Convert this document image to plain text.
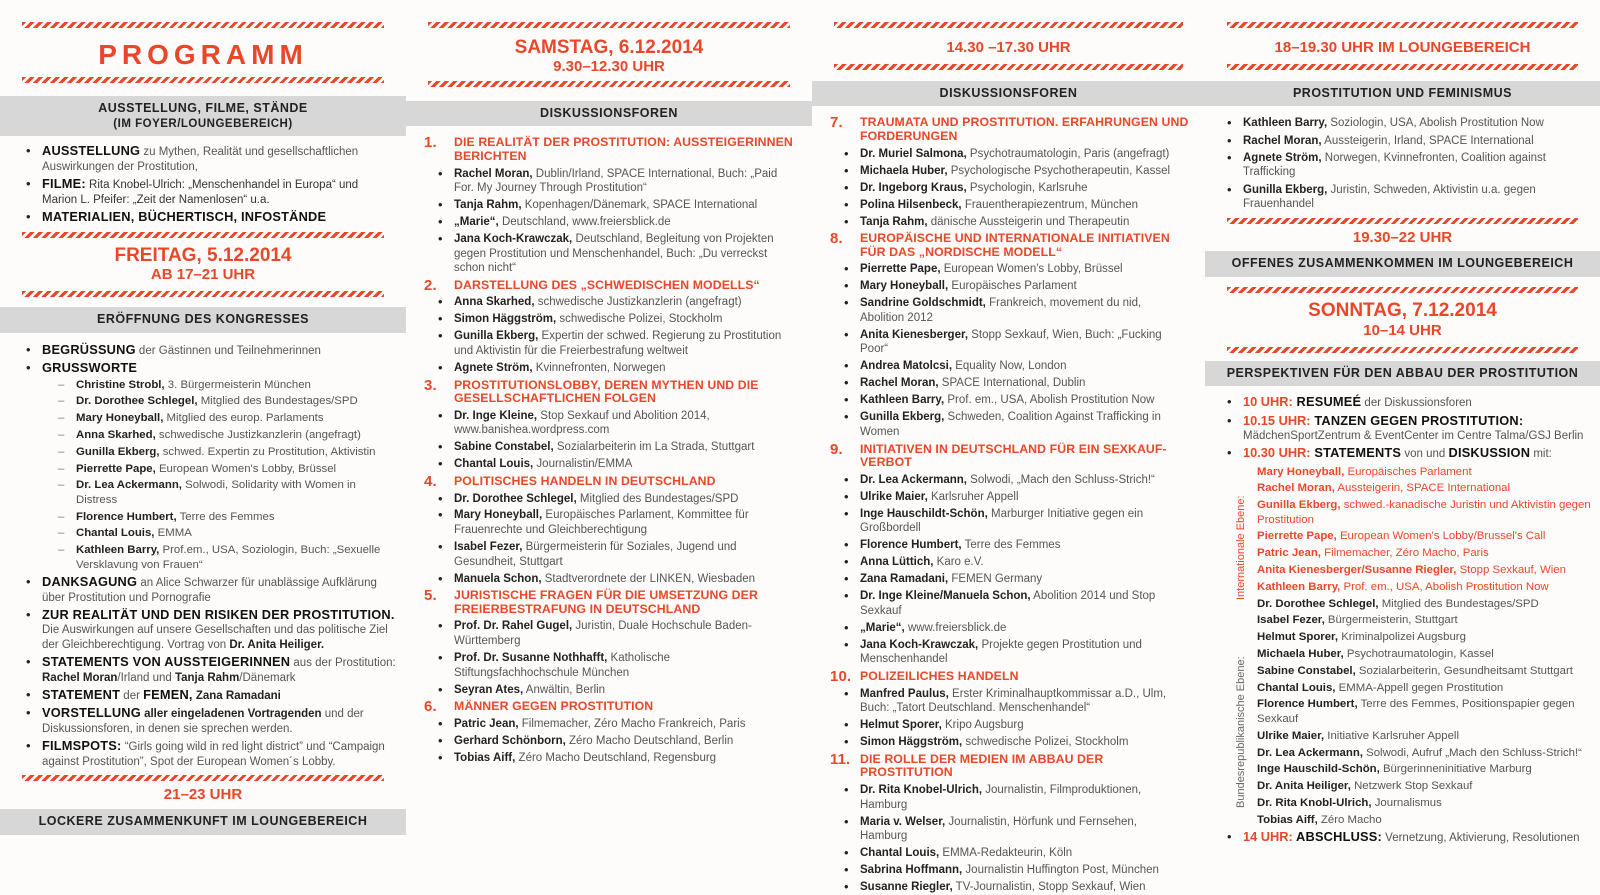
PROGRAMM
AUSSTELLUNG, FILME, STÄNDE
(IM FOYER/LOUNGEBEREICH)
• AUSSTELLUNG zu Mythen, Realität und gesellschaftlichen Auswirkungen der Prostitution,
• FILME: Rita Knobel-Ulrich: „Menschenhandel in Europa“ und Marion L. Pfeifer: „Zeit der Namenlosen“ u.a.
• MATERIALIEN, BÜCHERTISCH, INFOSTÄNDE
FREITAG, 5.12.2014
AB 17–21 UHR
ERÖFFNUNG DES KONGRESSES
• BEGRÜSSUNG der Gästinnen und Teilnehmerinnen
• GRUSSWORTE
– Christine Strobl, 3. Bürgermeisterin München
– Dr. Dorothee Schlegel, Mitglied des Bundestages/SPD
– Mary Honeyball, Mitglied des europ. Parlaments
– Anna Skarhed, schwedische Justizkanzlerin (angefragt)
– Gunilla Ekberg, schwed. Expertin zu Prostitution, Aktivistin
– Pierrette Pape, European Women's Lobby, Brüssel
– Dr. Lea Ackermann, Solwodi, Solidarity with Women in Distress
– Florence Humbert, Terre des Femmes
– Chantal Louis, EMMA
– Kathleen Barry, Prof.em., USA, Soziologin, Buch: „Sexuelle Versklavung von Frauen“
• DANKSAGUNG an Alice Schwarzer für unablässige Aufklärung über Prostitution und Pornografie
• ZUR REALITÄT UND DEN RISIKEN DER PROSTITUTION. Die Auswirkungen auf unsere Gesellschaften und das politische Ziel der Gleichberechtigung. Vortrag von Dr. Anita Heiliger.
• STATEMENTS VON AUSSTEIGERINNEN aus der Prostitution: Rachel Moran/Irland und Tanja Rahm/Dänemark
• STATEMENT der FEMEN, Zana Ramadani
• VORSTELLUNG aller eingeladenen Vortragenden und der Diskussionsforen, in denen sie sprechen werden.
• FILMSPOTS: “Girls going wild in red light district” und “Campaign against Prostitution”, Spot der European Women´s Lobby.
21–23 UHR
LOCKERE ZUSAMMENKUNFT IM LOUNGEBEREICH
SAMSTAG, 6.12.2014
9.30–12.30 UHR
DISKUSSIONSFOREN
1.	DIE REALITÄT DER PROSTITUTION: AUSSTEIGERINNEN BERICHTEN
• Rachel Moran, Dublin/Irland, SPACE International, Buch: „Paid For. My Journey Through Prostitution“
• Tanja Rahm, Kopenhagen/Dänemark, SPACE International
• „Marie“, Deutschland, www.freiersblick.de
• Jana Koch-Krawczak, Deutschland, Begleitung von Projekten gegen Prostitution und Menschenhandel, Buch: „Du verreckst schon nicht“
2.	DARSTELLUNG DES „SCHWEDISCHEN MODELLS“
• Anna Skarhed, schwedische Justizkanzlerin (angefragt)
• Simon Häggström, schwedische Polizei, Stockholm
• Gunilla Ekberg, Expertin der schwed. Regierung zu Prostitution und Aktivistin für die Freierbestrafung weltweit
• Agnete Ström, Kvinnefronten, Norwegen
3.	PROSTITUTIONSLOBBY, DEREN MYTHEN UND DIE GESELLSCHAFTLICHEN FOLGEN
• Dr. Inge Kleine, Stop Sexkauf und Abolition 2014, www.banishea.wordpress.com
• Sabine Constabel, Sozialarbeiterin im La Strada, Stuttgart
• Chantal Louis, Journalistin/EMMA
4.	POLITISCHES HANDELN IN DEUTSCHLAND
• Dr. Dorothee Schlegel, Mitglied des Bundestages/SPD
• Mary Honeyball, Europäisches Parlament, Kommittee für Frauenrechte und Gleichberechtigung
• Isabel Fezer, Bürgermeisterin für Soziales, Jugend und Gesundheit, Stuttgart
• Manuela Schon, Stadtverordnete der LINKEN, Wiesbaden
5.	JURISTISCHE FRAGEN FÜR DIE UMSETZUNG DER FREIERBESTRAFUNG IN DEUTSCHLAND
• Prof. Dr. Rahel Gugel, Juristin, Duale Hochschule Baden-Württemberg
• Prof. Dr. Susanne Nothhafft, Katholische Stiftungsfachhochschule München
• Seyran Ates, Anwältin, Berlin
6.	MÄNNER GEGEN PROSTITUTION
• Patric Jean, Filmemacher, Zéro Macho Frankreich, Paris
• Gerhard Schönborn, Zéro Macho Deutschland, Berlin
• Tobias Aiff, Zéro Macho Deutschland, Regensburg
14.30 –17.30 UHR
DISKUSSIONSFOREN
7.	TRAUMATA UND PROSTITUTION. ERFAHRUNGEN UND FORDERUNGEN
• Dr. Muriel Salmona, Psychotraumatologin, Paris (angefragt)
• Michaela Huber, Psychologische Psychotherapeutin, Kassel
• Dr. Ingeborg Kraus, Psychologin, Karlsruhe
• Polina Hilsenbeck, Frauentherapiezentrum, München
• Tanja Rahm, dänische Aussteigerin und Therapeutin
8.	EUROPÄISCHE UND INTERNATIONALE INITIATIVEN FÜR DAS „NORDISCHE MODELL“
• Pierrette Pape, European Women's Lobby, Brüssel
• Mary Honeyball, Europäisches Parlament
• Sandrine Goldschmidt, Frankreich, movement du nid, Abolition 2012
• Anita Kienesberger, Stopp Sexkauf, Wien, Buch: „Fucking Poor“
• Andrea Matolcsi, Equality Now, London
• Rachel Moran, SPACE International, Dublin
• Kathleen Barry, Prof. em., USA, Abolish Prostitution Now
• Gunilla Ekberg, Schweden, Coalition Against Trafficking in Women
9.	INITIATIVEN IN DEUTSCHLAND FÜR EIN SEXKAUF-VERBOT
• Dr. Lea Ackermann, Solwodi, „Mach den Schluss-Strich!“
• Ulrike Maier, Karlsruher Appell
• Inge Hauschildt-Schön, Marburger Initiative gegen ein Großbordell
• Florence Humbert, Terre des Femmes
• Anna Lüttich, Karo e.V.
• Zana Ramadani, FEMEN Germany
• Dr. Inge Kleine/Manuela Schon, Abolition 2014 und Stop Sexkauf
• „Marie“, www.freiersblick.de
• Jana Koch-Krawczak, Projekte gegen Prostitution und Menschenhandel
10. POLIZEILICHES HANDELN
• Manfred Paulus, Erster Kriminalhauptkommissar a.D., Ulm, Buch: „Tatort Deutschland. Menschenhandel“
• Helmut Sporer, Kripo Augsburg
• Simon Häggström, schwedische Polizei, Stockholm
11. DIE ROLLE DER MEDIEN IM ABBAU DER PROSTITUTION
• Dr. Rita Knobel-Ulrich, Journalistin, Filmproduktionen, Hamburg
• Maria v. Welser, Journalistin, Hörfunk und Fernsehen, Hamburg
• Chantal Louis, EMMA-Redakteurin, Köln
• Sabrina Hoffmann, Journalistin Huffington Post, München
• Susanne Riegler, TV-Journalistin, Stopp Sexkauf, Wien
18–19.30 UHR IM LOUNGEBEREICH
PROSTITUTION UND FEMINISMUS
• Kathleen Barry, Soziologin, USA, Abolish Prostitution Now
• Rachel Moran, Aussteigerin, Irland, SPACE International
• Agnete Ström, Norwegen, Kvinnefronten, Coalition against Trafficking
• Gunilla Ekberg, Juristin, Schweden, Aktivistin u.a. gegen Frauenhandel
19.30–22 UHR
OFFENES ZUSAMMENKOMMEN IM LOUNGEBEREICH
SONNTAG, 7.12.2014
10–14 UHR
PERSPEKTIVEN FÜR DEN ABBAU DER PROSTITUTION
• 10 UHR: RESUMEÉ der Diskussionsforen
• 10.15 UHR: TANZEN GEGEN PROSTITUTION: MädchenSportZentrum & EventCenter im Centre Talma/GSJ Berlin
• 10.30 UHR: STATEMENTS von und DISKUSSION mit:
Internationale Ebene:
Bundesrepublikanische Ebene:
Mary Honeyball, Europäisches Parlament
Rachel Moran, Aussteigerin, SPACE International
Gunilla Ekberg, schwed.-kanadische Juristin und Aktivistin gegen Prostitution
Pierrette Pape, European Women's Lobby/Brussel's Call
Patric Jean, Filmemacher, Zéro Macho, Paris
Anita Kienesberger/Susanne Riegler, Stopp Sexkauf, Wien
Kathleen Barry, Prof. em., USA, Abolish Prostitution Now
Dr. Dorothee Schlegel, Mitglied des Bundestages/SPD
Isabel Fezer, Bürgermeisterin, Stuttgart
Helmut Sporer, Kriminalpolizei Augsburg
Michaela Huber, Psychotraumatologin, Kassel
Sabine Constabel, Sozialarbeiterin, Gesundheitsamt Stuttgart
Chantal Louis, EMMA-Appell gegen Prostitution
Florence Humbert, Terre des Femmes, Positionspapier gegen Sexkauf
Ulrike Maier, Initiative Karlsruher Appell
Dr. Lea Ackermann, Solwodi, Aufruf „Mach den Schluss-Strich!“
Inge Hauschild-Schön, Bürgerinneninitiative Marburg
Dr. Anita Heiliger, Netzwerk Stop Sexkauf
Dr. Rita Knobl-Ulrich, Journalismus
Tobias Aiff, Zéro Macho
• 14 UHR: ABSCHLUSS: Vernetzung, Aktivierung, Resolutionen
